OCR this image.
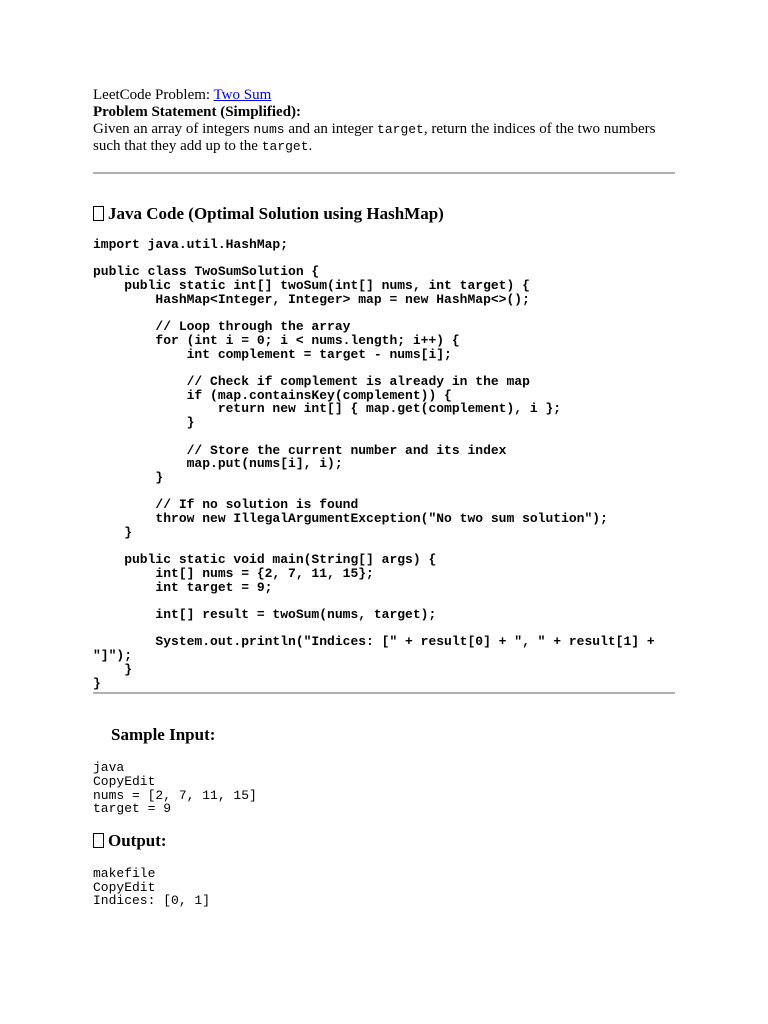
LeetCode Problem: Two Sum
Problem Statement (Simplified):
Given an array of integers nums and an integer target, return the indices of the two numbers
such that they add up to the target.
Java Code (Optimal Solution using HashMap)
import java.util.HashMap;

public class TwoSumSolution {
public static int[] twoSum(int[] nums, int target) {
HashMap<Integer, Integer> map = new HashMap<>();

// Loop through the array
for (int i = 0; i < nums.length; i++) {
int complement = target - nums[i];

// Check if complement is already in the map
if (map.containsKey(complement)) {
return new int[] { map.get(complement), i };
}

// Store the current number and its index
map.put(nums[i], i);
}

// If no solution is found
throw new IllegalArgumentException("No two sum solution");
}

public static void main(String[] args) {
int[] nums = {2, 7, 11, 15};
int target = 9;

int[] result = twoSum(nums, target);

System.out.println("Indices: [" + result[0] + ", " + result[1] +
"]");
}
}
Sample Input:
java
CopyEdit
nums = [2, 7, 11, 15]
target = 9
Output:
makefile
CopyEdit
Indices: [0, 1]
